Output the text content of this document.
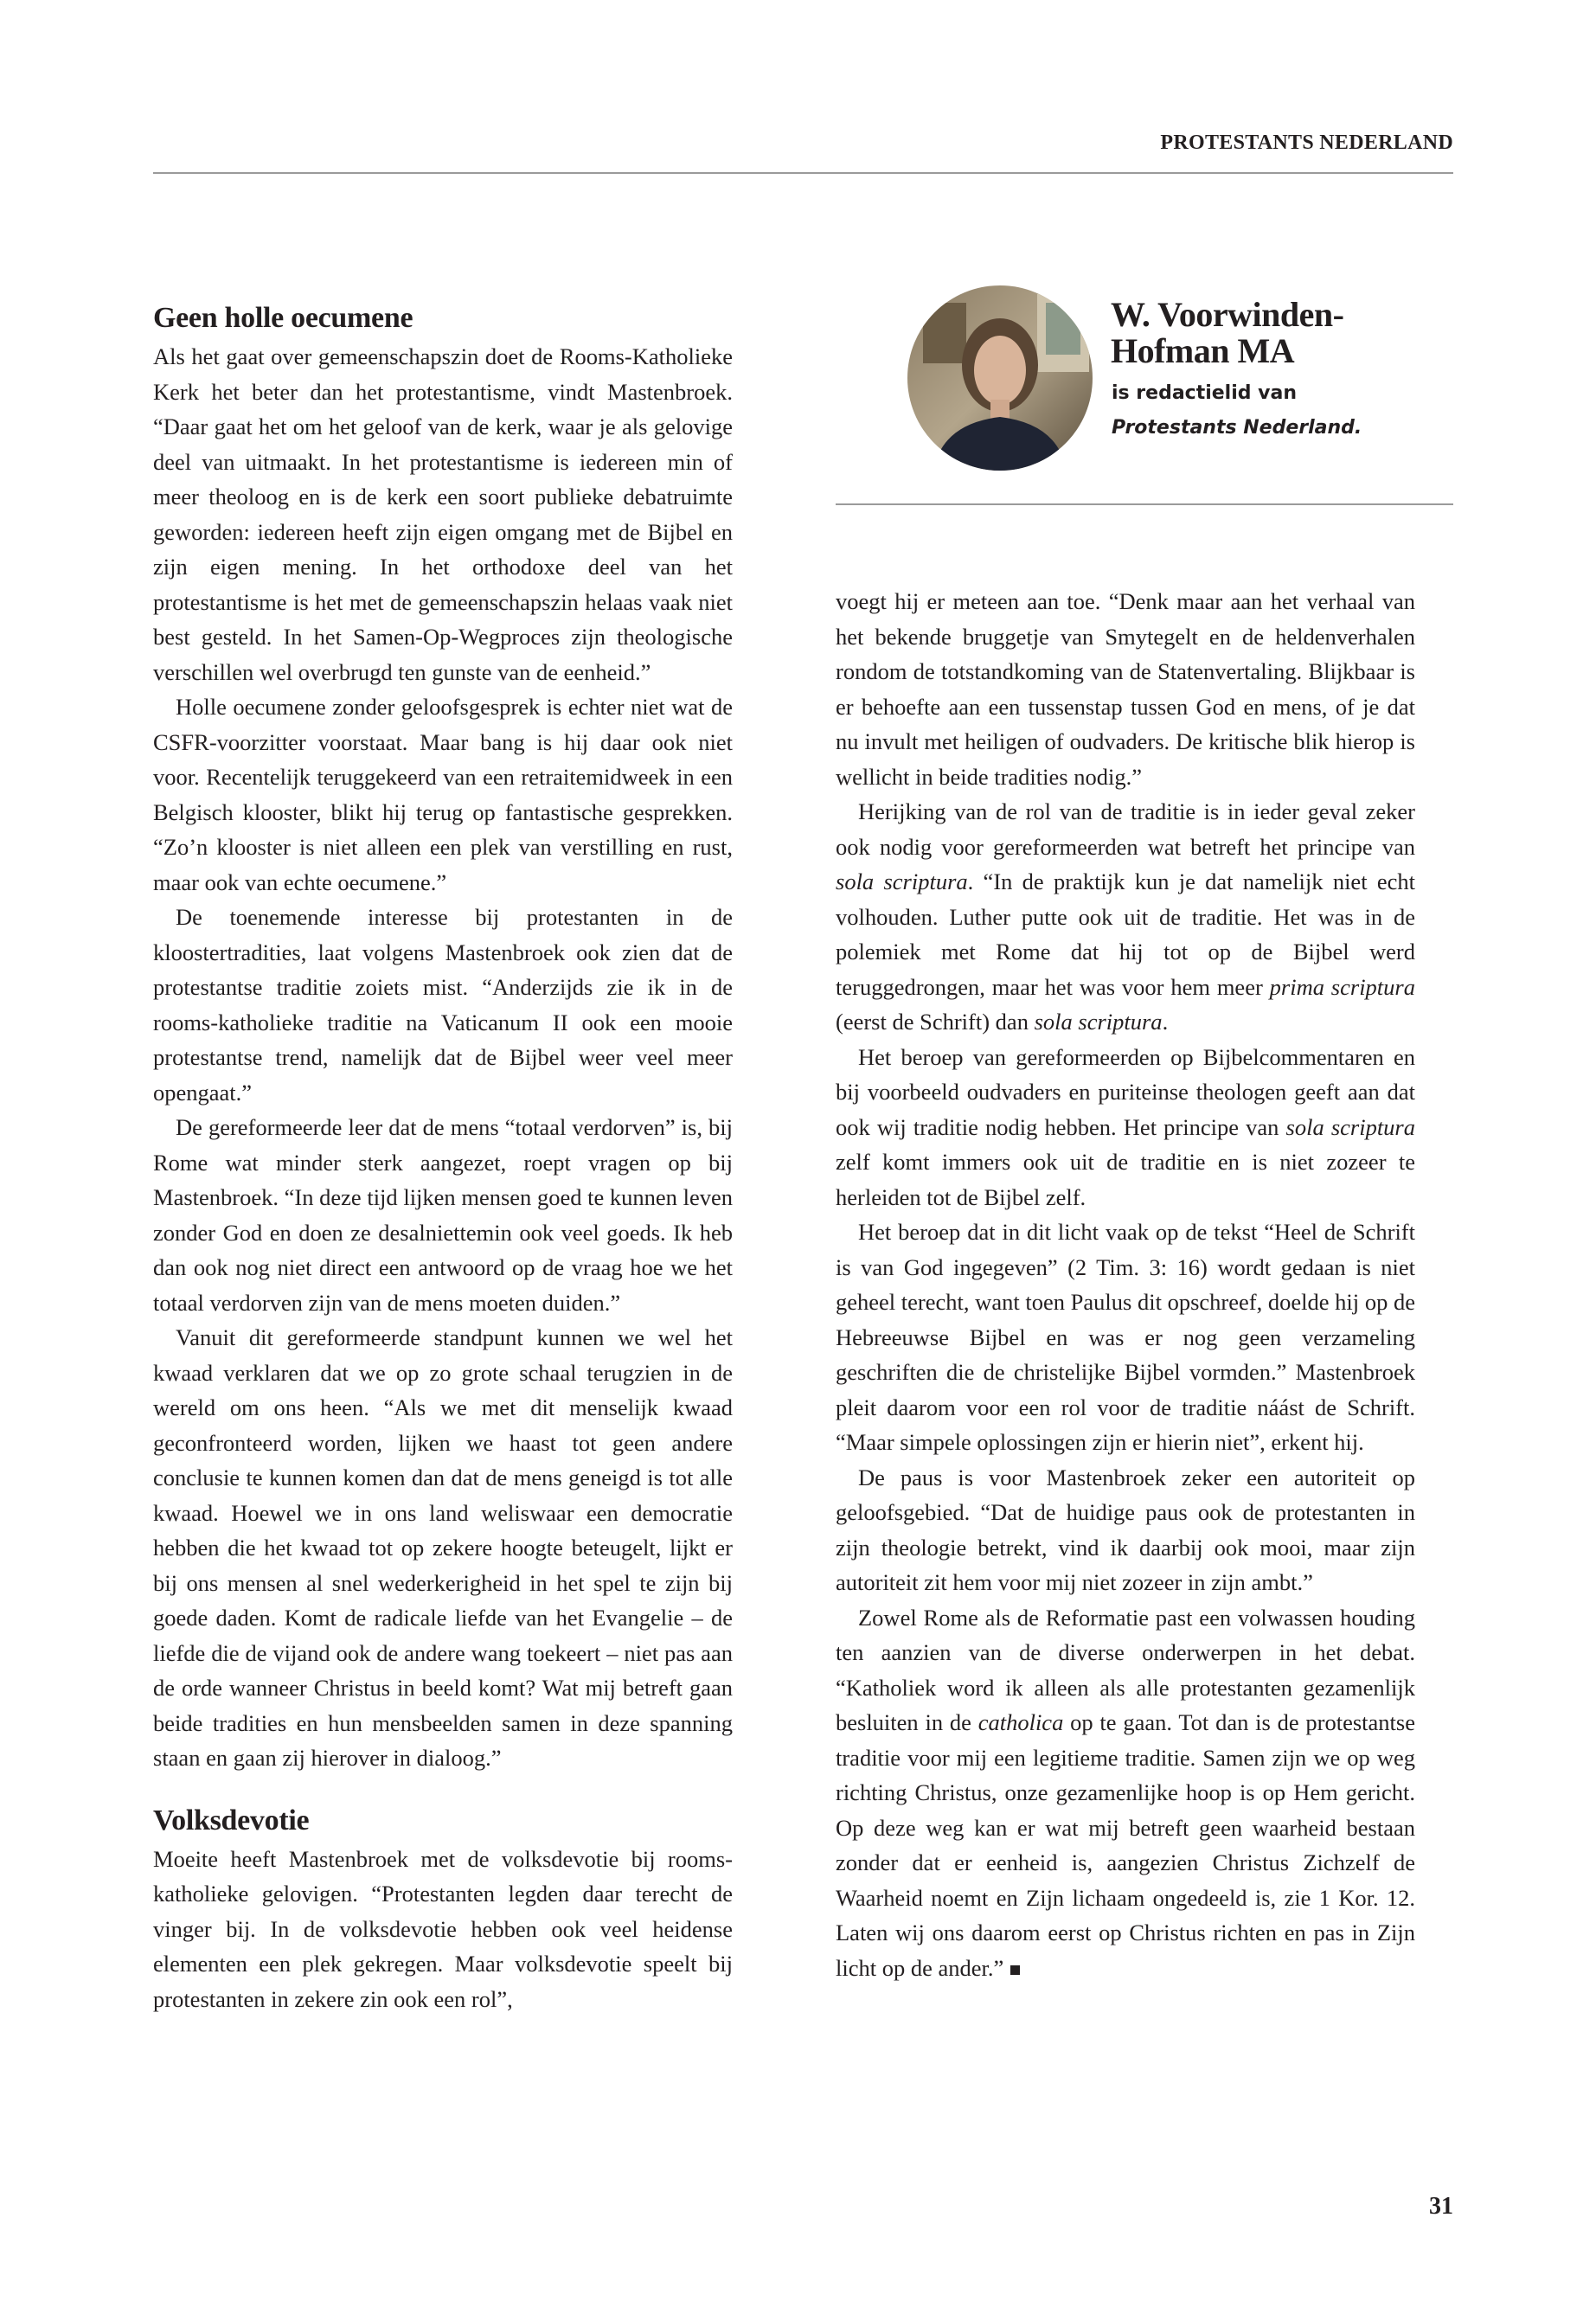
PROTESTANTS NEDERLAND
Geen holle oecumene

Als het gaat over gemeenschapszin doet de Rooms-Katholieke Kerk het beter dan het protestantisme, vindt Mastenbroek. “Daar gaat het om het geloof van de kerk, waar je als gelovige deel van uitmaakt. In het protestantisme is iedereen min of meer theoloog en is de kerk een soort publieke debatruimte geworden: iedereen heeft zijn eigen omgang met de Bijbel en zijn eigen mening. In het orthodoxe deel van het protestantisme is het met de gemeenschapszin helaas vaak niet best gesteld. In het Samen-Op-Wegproces zijn theologische verschillen wel overbrugd ten gunste van de eenheid.”

Holle oecumene zonder geloofsgesprek is echter niet wat de CSFR-voorzitter voorstaat. Maar bang is hij daar ook niet voor. Recentelijk teruggekeerd van een retraitemidweek in een Belgisch klooster, blikt hij terug op fantastische gesprekken. “Zo’n klooster is niet alleen een plek van verstilling en rust, maar ook van echte oecumene.”

De toenemende interesse bij protestanten in de kloostertradities, laat volgens Mastenbroek ook zien dat de protestantse traditie zoiets mist. “Anderzijds zie ik in de rooms-katholieke traditie na Vaticanum II ook een mooie protestantse trend, namelijk dat de Bijbel weer veel meer opengaat.”

De gereformeerde leer dat de mens “totaal verdorven” is, bij Rome wat minder sterk aangezet, roept vragen op bij Mastenbroek. “In deze tijd lijken mensen goed te kunnen leven zonder God en doen ze desalniettemin ook veel goeds. Ik heb dan ook nog niet direct een antwoord op de vraag hoe we het totaal verdorven zijn van de mens moeten duiden.”

Vanuit dit gereformeerde standpunt kunnen we wel het kwaad verklaren dat we op zo grote schaal terugzien in de wereld om ons heen. “Als we met dit menselijk kwaad geconfronteerd worden, lijken we haast tot geen andere conclusie te kunnen komen dan dat de mens geneigd is tot alle kwaad. Hoewel we in ons land weliswaar een democratie hebben die het kwaad tot op zekere hoogte beteugelt, lijkt er bij ons mensen al snel wederkerigheid in het spel te zijn bij goede daden. Komt de radicale liefde van het Evangelie – de liefde die de vijand ook de andere wang toekeert – niet pas aan de orde wanneer Christus in beeld komt? Wat mij betreft gaan beide tradities en hun mensbeelden samen in deze spanning staan en gaan zij hierover in dialoog.”

Volksdevotie

Moeite heeft Mastenbroek met de volksdevotie bij rooms-katholieke gelovigen. “Protestanten legden daar terecht de vinger bij. In de volksdevotie hebben ook veel heidense elementen een plek gekregen. Maar volksdevotie speelt bij protestanten in zekere zin ook een rol”,

W. Voorwinden-
Hofman MA
is redactielid van
Protestants Nederland.

voegt hij er meteen aan toe. “Denk maar aan het verhaal van het bekende bruggetje van Smytegelt en de heldenverhalen rondom de totstandkoming van de Statenvertaling. Blijkbaar is er behoefte aan een tussenstap tussen God en mens, of je dat nu invult met heiligen of oudvaders. De kritische blik hierop is wellicht in beide tradities nodig.”

Herijking van de rol van de traditie is in ieder geval zeker ook nodig voor gereformeerden wat betreft het principe van sola scriptura. “In de praktijk kun je dat namelijk niet echt volhouden. Luther putte ook uit de traditie. Het was in de polemiek met Rome dat hij tot op de Bijbel werd teruggedrongen, maar het was voor hem meer prima scriptura (eerst de Schrift) dan sola scriptura.

Het beroep van gereformeerden op Bijbelcommentaren en bij voorbeeld oudvaders en puriteinse theologen geeft aan dat ook wij traditie nodig hebben. Het principe van sola scriptura zelf komt immers ook uit de traditie en is niet zozeer te herleiden tot de Bijbel zelf.

Het beroep dat in dit licht vaak op de tekst “Heel de Schrift is van God ingegeven” (2 Tim. 3: 16) wordt gedaan is niet geheel terecht, want toen Paulus dit opschreef, doelde hij op de Hebreeuwse Bijbel en was er nog geen verzameling geschriften die de christelijke Bijbel vormden.” Mastenbroek pleit daarom voor een rol voor de traditie náást de Schrift. “Maar simpele oplossingen zijn er hierin niet”, erkent hij.

De paus is voor Mastenbroek zeker een autoriteit op geloofsgebied. “Dat de huidige paus ook de protestanten in zijn theologie betrekt, vind ik daarbij ook mooi, maar zijn autoriteit zit hem voor mij niet zozeer in zijn ambt.”

Zowel Rome als de Reformatie past een volwassen houding ten aanzien van de diverse onderwerpen in het debat. “Katholiek word ik alleen als alle protestanten gezamenlijk besluiten in de catholica op te gaan. Tot dan is de protestantse traditie voor mij een legitieme traditie. Samen zijn we op weg richting Christus, onze gezamenlijke hoop is op Hem gericht. Op deze weg kan er wat mij betreft geen waarheid bestaan zonder dat er eenheid is, aangezien Christus Zichzelf de Waarheid noemt en Zijn lichaam ongedeeld is, zie 1 Kor. 12. Laten wij ons daarom eerst op Christus richten en pas in Zijn licht op de ander.”

31
